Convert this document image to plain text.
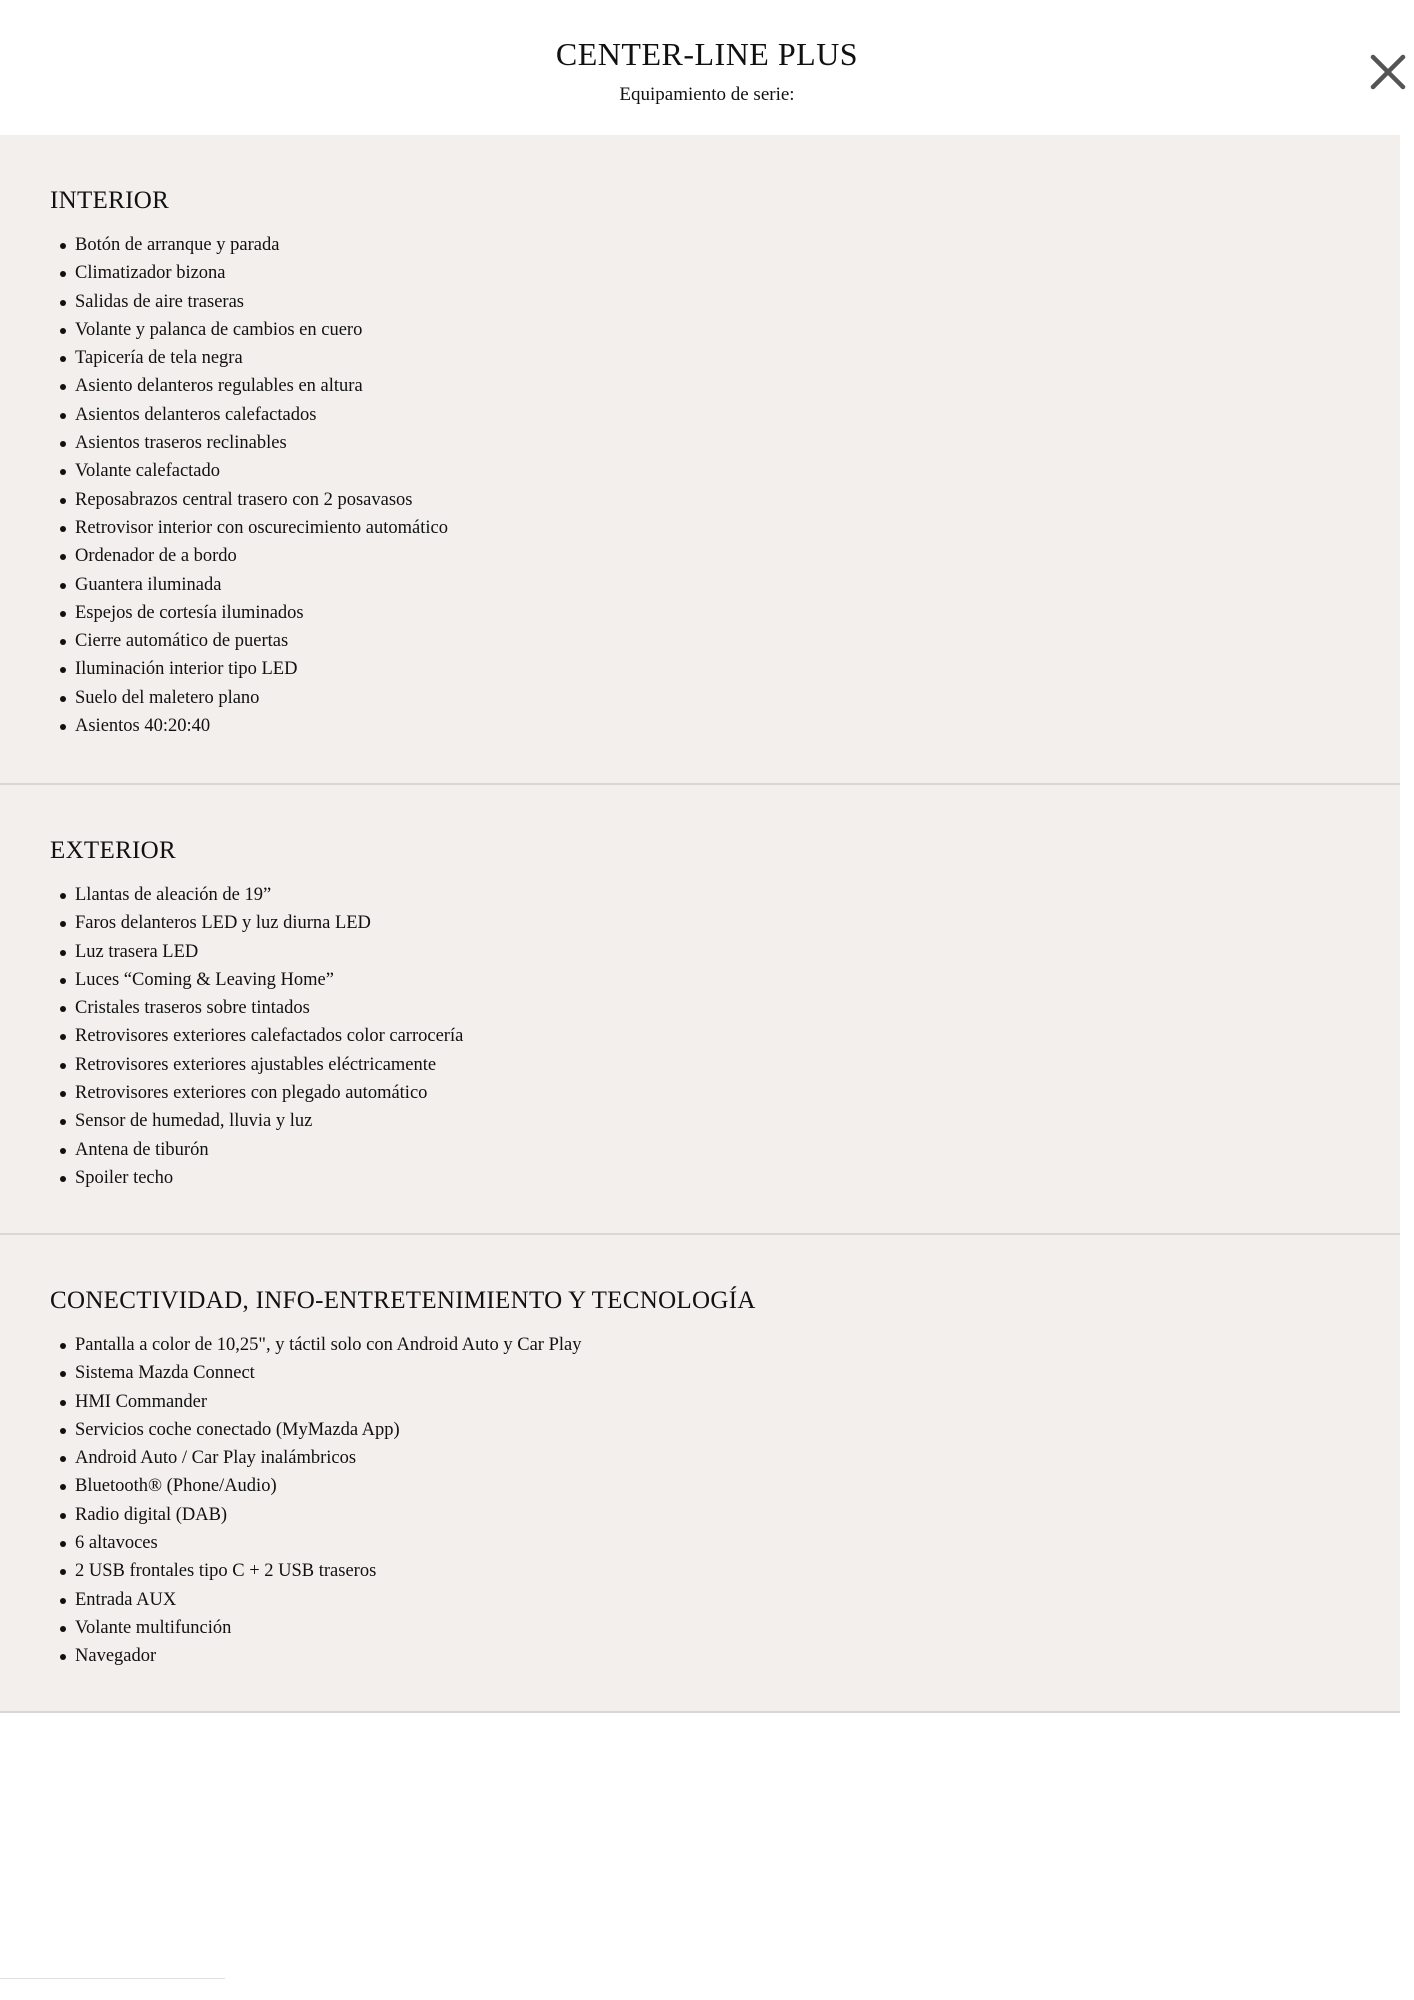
CENTER-LINE PLUS
Equipamiento de serie:
INTERIOR
Botón de arranque y parada
Climatizador bizona
Salidas de aire traseras
Volante y palanca de cambios en cuero
Tapicería de tela negra
Asiento delanteros regulables en altura
Asientos delanteros calefactados
Asientos traseros reclinables
Volante calefactado
Reposabrazos central trasero con 2 posavasos
Retrovisor interior con oscurecimiento automático
Ordenador de a bordo
Guantera iluminada
Espejos de cortesía iluminados
Cierre automático de puertas
Iluminación interior tipo LED
Suelo del maletero plano
Asientos 40:20:40
EXTERIOR
Llantas de aleación de 19”
Faros delanteros LED y luz diurna LED
Luz trasera LED
Luces “Coming & Leaving Home”
Cristales traseros sobre tintados
Retrovisores exteriores calefactados color carrocería
Retrovisores exteriores ajustables eléctricamente
Retrovisores exteriores con plegado automático
Sensor de humedad, lluvia y luz
Antena de tiburón
Spoiler techo
CONECTIVIDAD, INFO-ENTRETENIMIENTO Y TECNOLOGÍA
Pantalla a color de 10,25", y táctil solo con Android Auto y Car Play
Sistema Mazda Connect
HMI Commander
Servicios coche conectado (MyMazda App)
Android Auto / Car Play inalámbricos
Bluetooth® (Phone/Audio)
Radio digital (DAB)
6 altavoces
2 USB frontales tipo C + 2 USB traseros
Entrada AUX
Volante multifunción
Navegador
